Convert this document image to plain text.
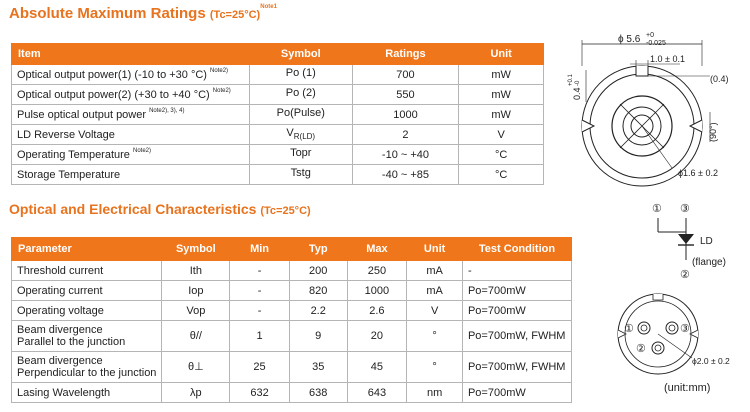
Absolute Maximum Ratings (Tc=25°C)$^{Note1}$
Item	Symbol	Ratings	Unit
Optical output power(1) (-10 to +30 °C) $^{Note2)}$	Po (1)	700	mW
Optical output power(2) (+30 to +40 °C) $^{Note2)}$	Po (2)	550	mW
Pulse optical output power $^{Note2), 3), 4)}$	Po(Pulse)	1000	mW
LD Reverse Voltage	$V_{R(LD)}$	2	V
Operating Temperature $^{Note2)}$	Topr	-10 ~ +40	°C
Storage Temperature	Tstg	-40 ~ +85	°C
Optical and Electrical Characteristics (Tc=25°C)
Parameter	Symbol	Min	Typ	Max	Unit	Test Condition

Threshold current	Ith	-	200	250	mA	-

Operating current	Iop	-	820	1000	mA	Po=700mW

Operating voltage	Vop	-	2.2	2.6	V	Po=700mW

Beam divergence
Parallel to the junction	θ//	1	9	20	°	Po=700mW, FWHM

Beam divergence
Perpendicular to the junction	θ⊥	25	35	45	°	Po=700mW, FWHM

Lasing Wavelength	λp	632	638	643	nm	Po=700mW
ϕ 5.6 +0
-0.025
1.0 ± 0.1
(0.4)
0.4
+0.1 -0
(90°)
ϕ1.6 ± 0.2
① ③
LD
(flange)
②
①	③
②
ϕ2.0 ± 0.2
(unit:mm)
